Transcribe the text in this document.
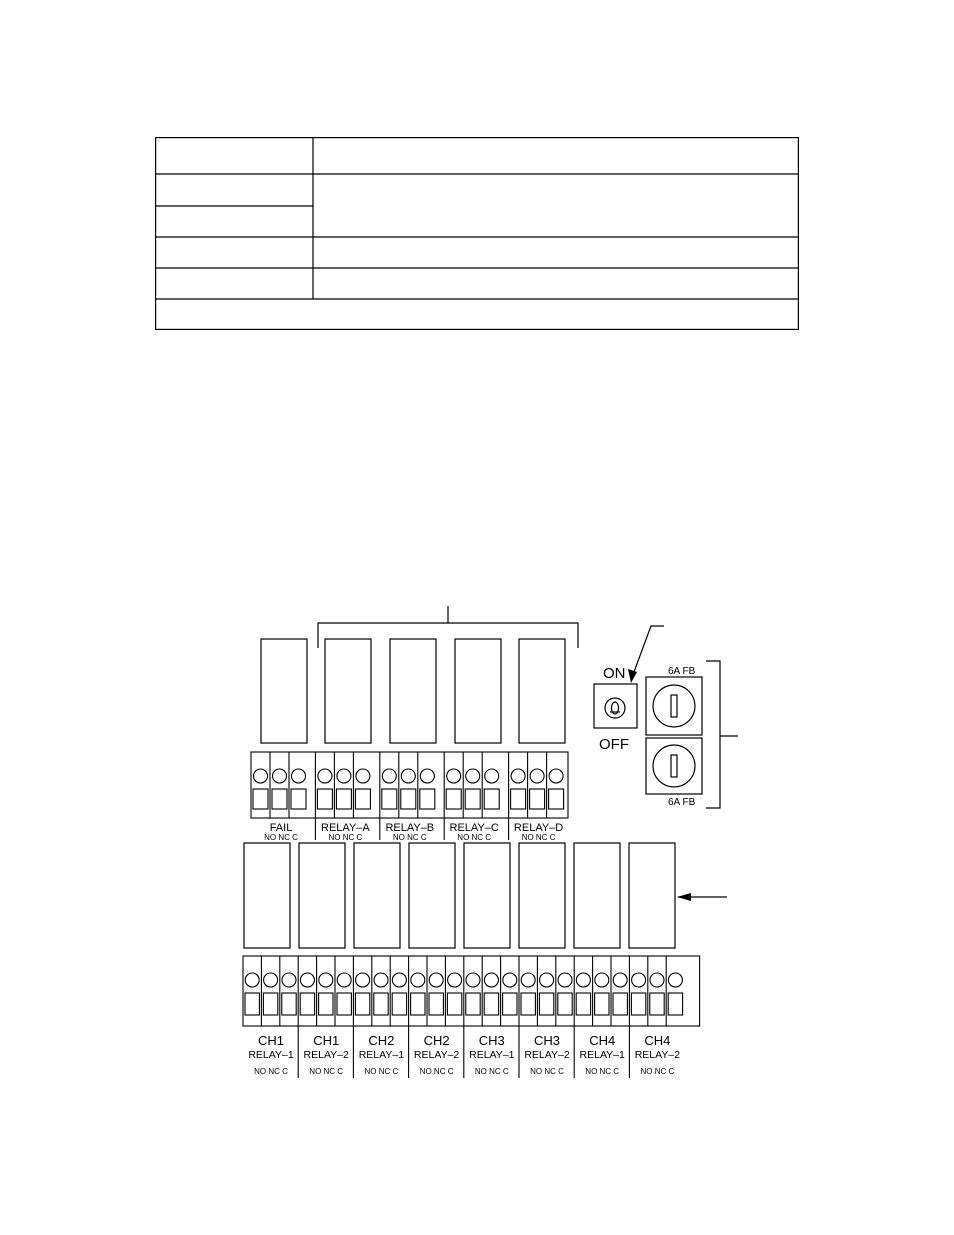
FAIL
NO NC C
RELAY–A
NO NC C
RELAY–B
NO NC C
RELAY–C
NO NC C
RELAY–D
NO NC C
CH1
RELAY–1
NO NC C
CH1
RELAY–2
NO NC C
CH2
RELAY–1
NO NC C
CH2
RELAY–2
NO NC C
CH3
RELAY–1
NO NC C
CH3
RELAY–2
NO NC C
CH4
RELAY–1
NO NC C
CH4
RELAY–2
NO NC C
ON
OFF
6A FB
6A FB
